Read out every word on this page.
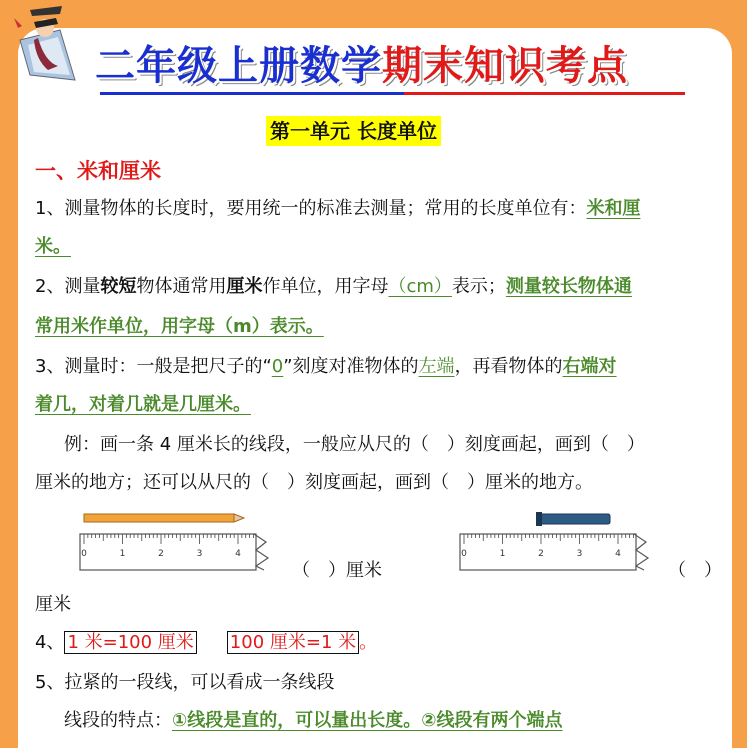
二年级上册数学 期末知识考点
第一单元 长度单位
一、米和厘米
1、测量物体的长度时，要用统一的标准去测量；常用的长度单位有：米和厘
米。
2、测量较短物体通常用厘米作单位，用字母（cm）表示；测量较长物体通
常用米作单位，用字母（m）表示。
3、测量时：一般是把尺子的“0”刻度对准物体的左端，再看物体的右端对
着几，对着几就是几厘米。
例：画一条 4 厘米长的线段，一般应从尺的（　）刻度画起，画到（　）
厘米的地方；还可以从尺的（　）刻度画起，画到（　）厘米的地方。
0	1	2	3	4
（　）厘米
厘米
0	1	2	3	4
（　）
4、 1 米=100 厘米 100 厘米=1 米 。
5、拉紧的一段线，可以看成一条线段
线段的特点：①线段是直的，可以量出长度。②线段有两个端点
